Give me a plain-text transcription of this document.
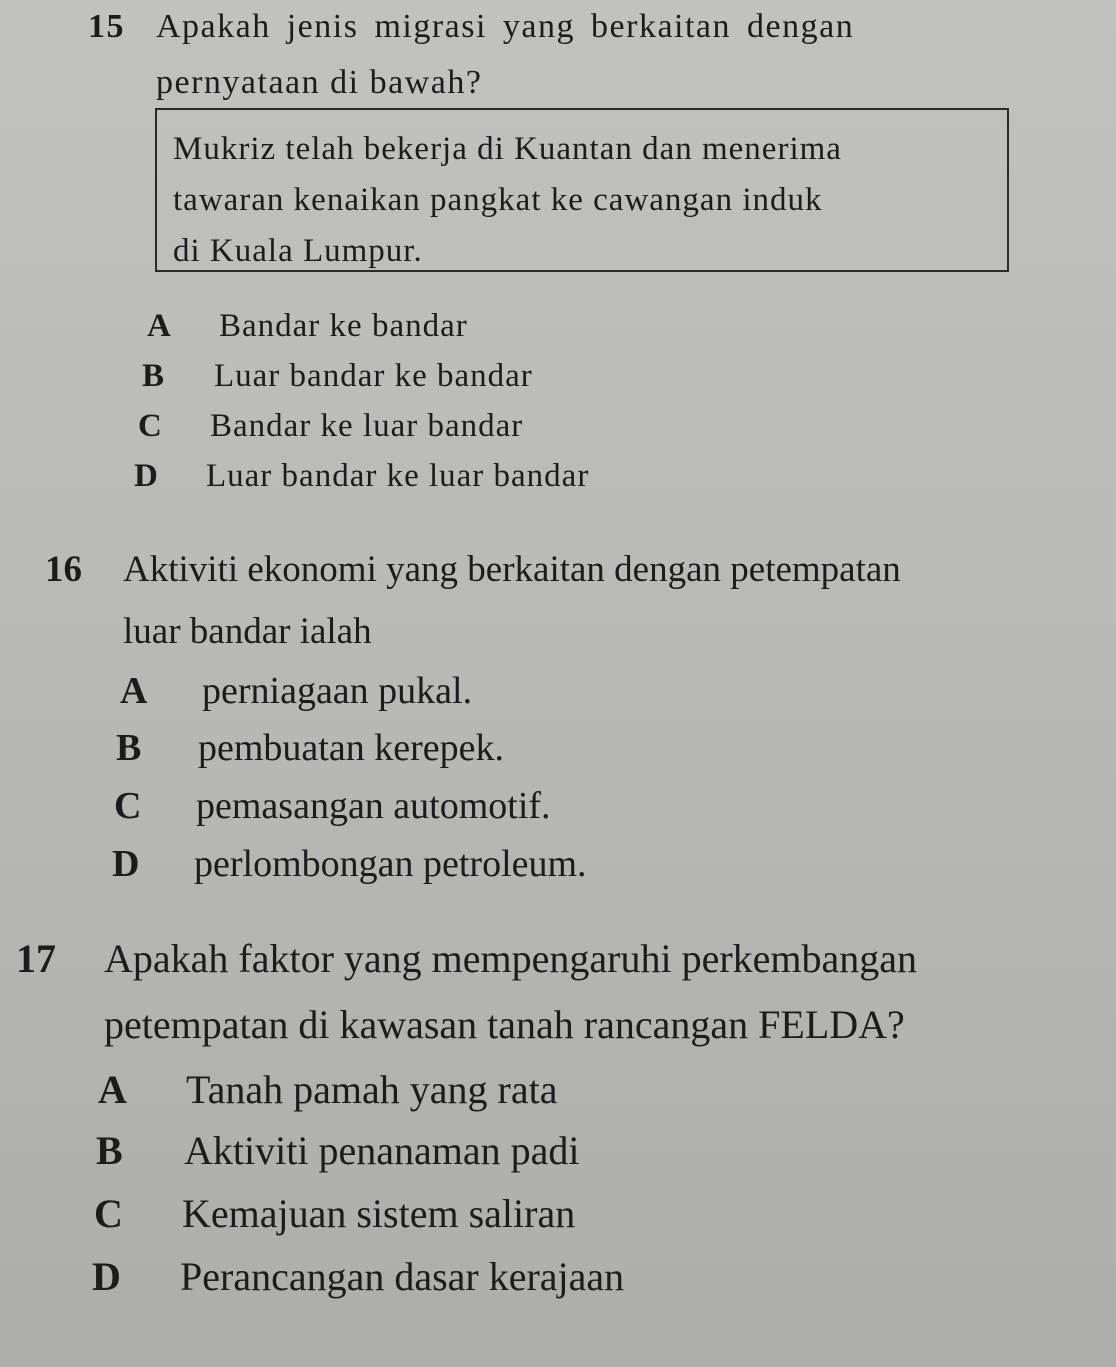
15 Apakah jenis migrasi yang berkaitan dengan
pernyataan di bawah?
Mukriz telah bekerja di Kuantan dan menerima
tawaran kenaikan pangkat ke cawangan induk
di Kuala Lumpur.
A	Bandar ke bandar
B	Luar bandar ke bandar
C	Bandar ke luar bandar
D	Luar bandar ke luar bandar
16 Aktiviti ekonomi yang berkaitan dengan petempatan
luar bandar ialah
A	perniagaan pukal.
B	pembuatan kerepek.
C	pemasangan automotif.
D	perlombongan petroleum.
17 Apakah faktor yang mempengaruhi perkembangan
petempatan di kawasan tanah rancangan FELDA?
A	Tanah pamah yang rata
B	Aktiviti penanaman padi
C	Kemajuan sistem saliran
D	Perancangan dasar kerajaan
